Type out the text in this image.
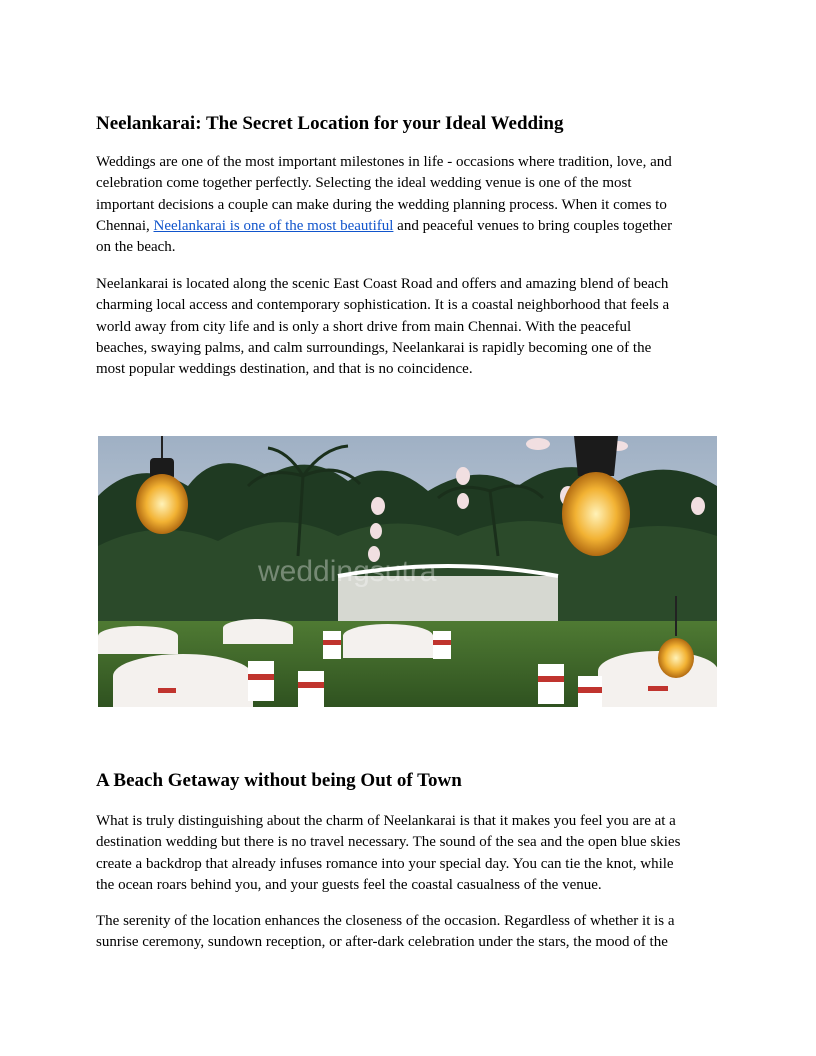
Neelankarai: The Secret Location for your Ideal Wedding

Weddings are one of the most important milestones in life - occasions where tradition, love, and
celebration come together perfectly. Selecting the ideal wedding venue is one of the most
important decisions a couple can make during the wedding planning process. When it comes to
Chennai, Neelankarai is one of the most beautiful and peaceful venues to bring couples together
on the beach.

Neelankarai is located along the scenic East Coast Road and offers and amazing blend of beach
charming local access and contemporary sophistication. It is a coastal neighborhood that feels a
world away from city life and is only a short drive from main Chennai. With the peaceful
beaches, swaying palms, and calm surroundings, Neelankarai is rapidly becoming one of the
most popular weddings destination, and that is no coincidence.

weddingsutra
A Beach Getaway without being Out of Town

What is truly distinguishing about the charm of Neelankarai is that it makes you feel you are at a
destination wedding but there is no travel necessary. The sound of the sea and the open blue skies
create a backdrop that already infuses romance into your special day. You can tie the knot, while
the ocean roars behind you, and your guests feel the coastal casualness of the venue.

The serenity of the location enhances the closeness of the occasion. Regardless of whether it is a
sunrise ceremony, sundown reception, or after-dark celebration under the stars, the mood of the
